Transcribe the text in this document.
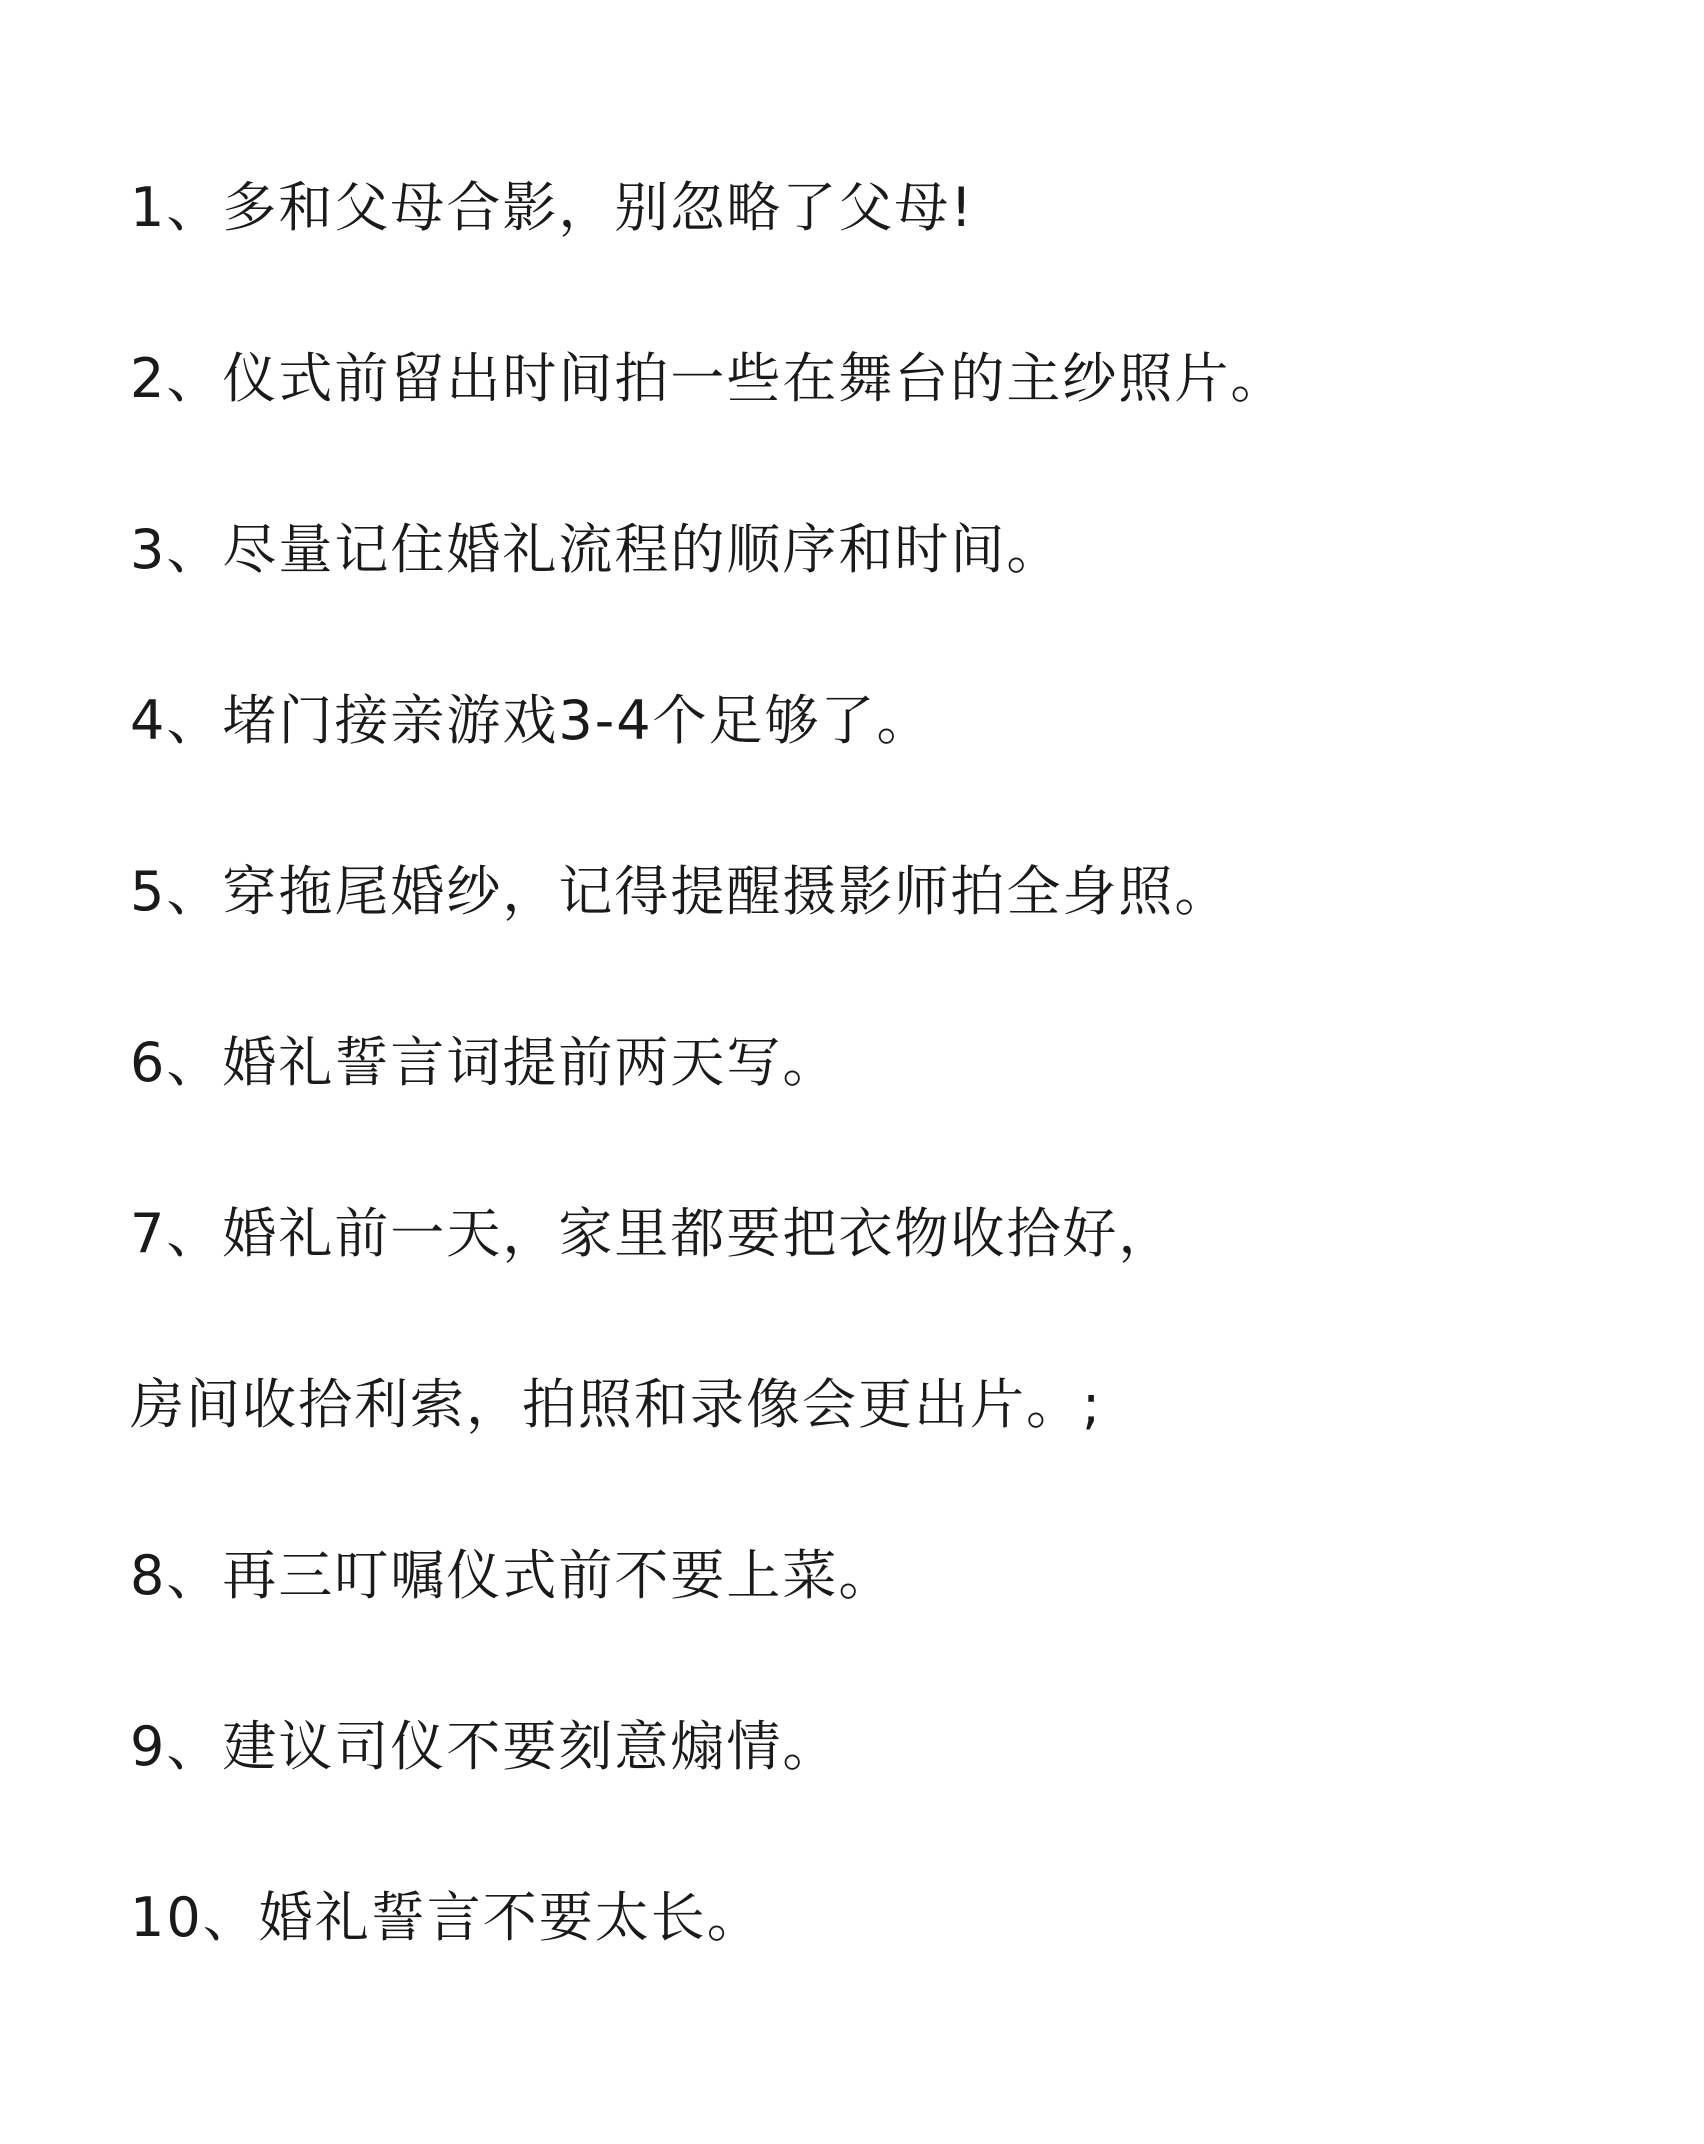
1、多和父母合影，别忽略了父母!
2、仪式前留出时间拍一些在舞台的主纱照片。
3、尽量记住婚礼流程的顺序和时间。
4、堵门接亲游戏3-4个足够了。
5、穿拖尾婚纱，记得提醒摄影师拍全身照。
6、婚礼誓言词提前两天写。
7、婚礼前一天，家里都要把衣物收拾好，
房间收拾利索，拍照和录像会更出片。;
8、再三叮嘱仪式前不要上菜。
9、建议司仪不要刻意煽情。
10、婚礼誓言不要太长。
